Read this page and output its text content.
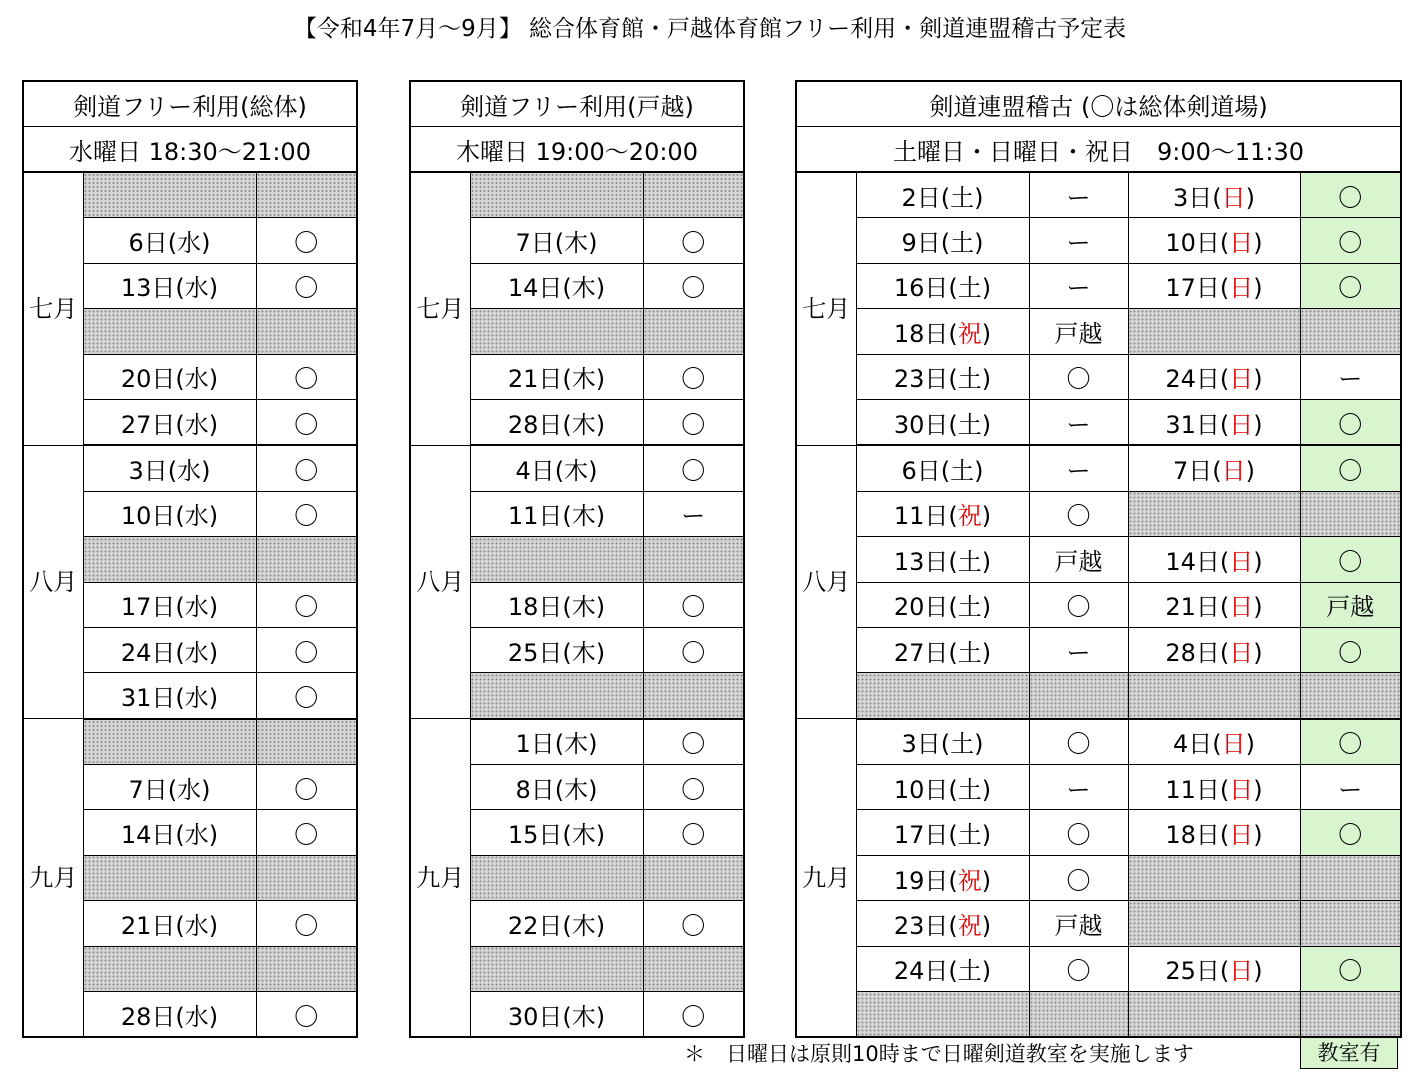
【令和4年7月～9月】 総合体育館・戸越体育館フリー利用・剣道連盟稽古予定表
剣道フリー利用(総体)		
水曜日 18:30～21:00		
七月		
	6日(水)	〇
	13日(水)	〇

	20日(水)	〇
	27日(水)	〇
八月	3日(水)	〇
	10日(水)	〇

	17日(水)	〇
	24日(水)	〇
	31日(水)	〇
九月		
	7日(水)	〇
	14日(水)	〇

	21日(水)	〇

	28日(水)	〇
剣道フリー利用(戸越)		
木曜日 19:00～20:00		
七月		
	7日(木)	〇
	14日(木)	〇

	21日(木)	〇
	28日(木)	〇
八月	4日(木)	〇
	11日(木)	ー

	18日(木)	〇
	25日(木)	〇

九月	1日(木)	〇
	8日(木)	〇
	15日(木)	〇

	22日(木)	〇

	30日(木)	〇
剣道連盟稽古 (〇は総体剣道場)				
土曜日・日曜日・祝日　9:00～11:30				
七月	2日(土)	ー	3日(日)	〇
	9日(土)	ー	10日(日)	〇
	16日(土)	ー	17日(日)	〇
	18日(祝)	戸越		
	23日(土)	〇	24日(日)	ー
	30日(土)	ー	31日(日)	〇
八月	6日(土)	ー	7日(日)	〇
	11日(祝)	〇		
	13日(土)	戸越	14日(日)	〇
	20日(土)	〇	21日(日)	戸越
	27日(土)	ー	28日(日)	〇

九月	3日(土)	〇	4日(日)	〇
	10日(土)	ー	11日(日)	ー
	17日(土)	〇	18日(日)	〇
	19日(祝)	〇		
	23日(祝)	戸越		
	24日(土)	〇	25日(日)	〇

＊　日曜日は原則10時まで日曜剣道教室を実施します	教室有
